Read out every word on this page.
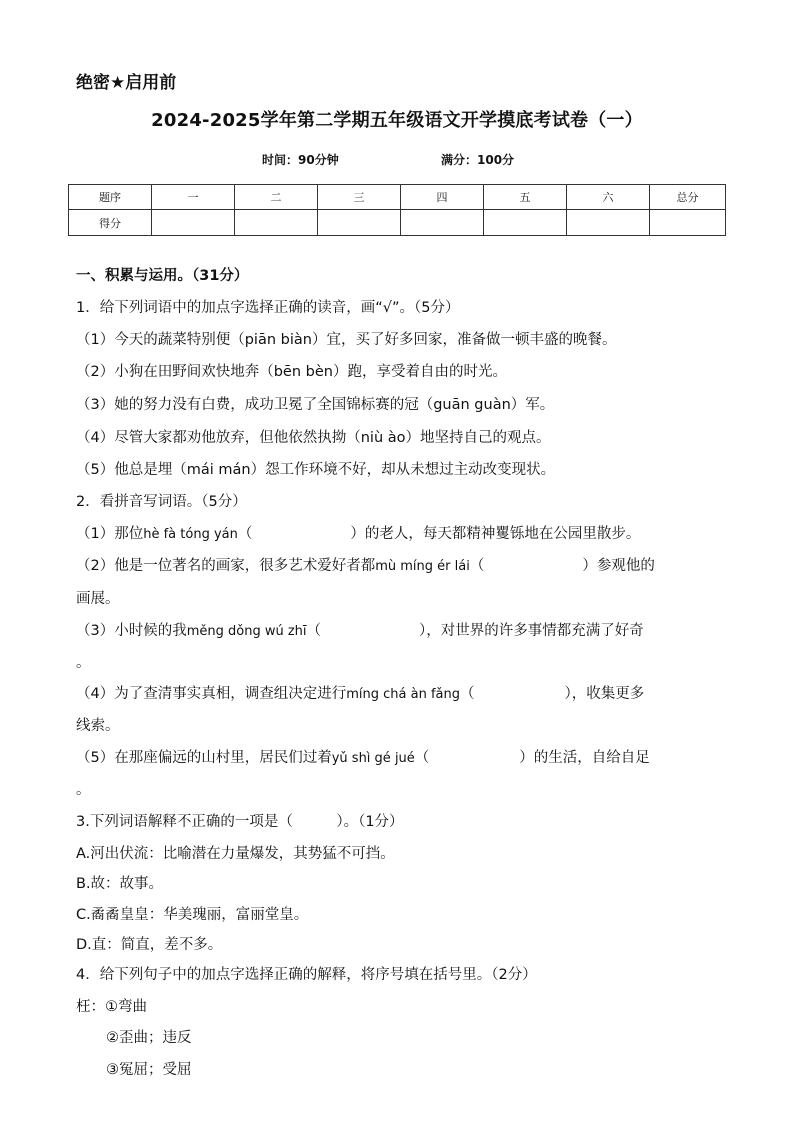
绝密★启用前
2024-2025学年第二学期五年级语文开学摸底考试卷（一）
时间：90分钟	满分：100分
题序	一	二	三	四	五	六	总分
得分							
一、积累与运用。（31分）
1．给下列词语中的加点字选择正确的读音，画“√”。（5分）
（1）今天的蔬菜特别便（piān biàn）宜，买了好多回家，准备做一顿丰盛的晚餐。
（2）小狗在田野间欢快地奔（bēn bèn）跑，享受着自由的时光。
（3）她的努力没有白费，成功卫冕了全国锦标赛的冠（guān guàn）军。
（4）尽管大家都劝他放弃，但他依然执拗（niù ào）地坚持自己的观点。
（5）他总是埋（mái mán）怨工作环境不好，却从未想过主动改变现状。
2．看拼音写词语。（5分）
（1）那位hè fà tóng yán（	）的老人，每天都精神矍铄地在公园里散步。
（2）他是一位著名的画家，很多艺术爱好者都mù míng ér lái（	）参观他的
画展。
（3）小时候的我měng dǒng wú zhī（	），对世界的许多事情都充满了好奇
。
（4）为了查清事实真相，调查组决定进行míng chá àn fǎng（	），收集更多
线索。
（5）在那座偏远的山村里，居民们过着yǔ shì gé jué（	）的生活，自给自足
。
3.下列词语解释不正确的一项是（　　　）。（1分）
A.河出伏流：比喻潜在力量爆发，其势猛不可挡。
B.故：故事。
C.矞矞皇皇：华美瑰丽，富丽堂皇。
D.直：简直，差不多。
4．给下列句子中的加点字选择正确的解释，将序号填在括号里。（2分）
枉：①弯曲
②歪曲；违反
③冤屈；受屈
